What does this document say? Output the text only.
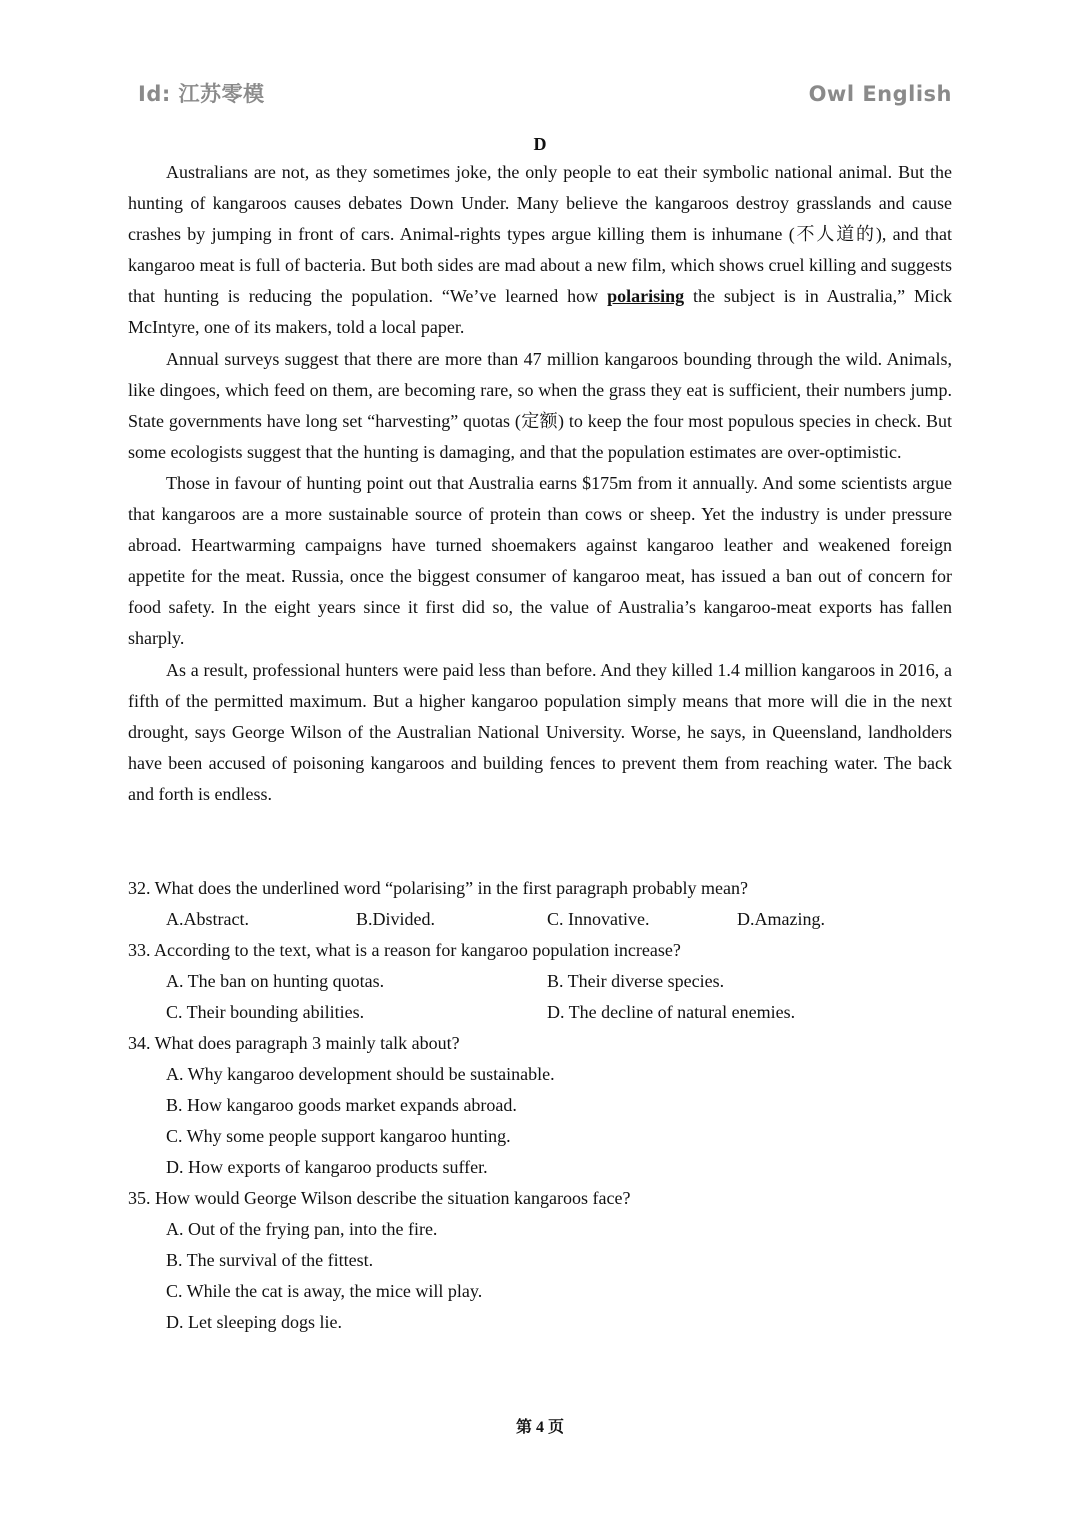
Id: 江苏零模	Owl English
D

Australians are not, as they sometimes joke, the only people to eat their symbolic national animal. But the hunting of kangaroos causes debates Down Under. Many believe the kangaroos destroy grasslands and cause crashes by jumping in front of cars. Animal-rights types argue killing them is inhumane (不人道的), and that kangaroo meat is full of bacteria. But both sides are mad about a new film, which shows cruel killing and suggests that hunting is reducing the population. “We’ve learned how polarising the subject is in Australia,” Mick McIntyre, one of its makers, told a local paper.

Annual surveys suggest that there are more than 47 million kangaroos bounding through the wild. Animals, like dingoes, which feed on them, are becoming rare, so when the grass they eat is sufficient, their numbers jump. State governments have long set “harvesting” quotas (定额) to keep the four most populous species in check. But some ecologists suggest that the hunting is damaging, and that the population estimates are over-optimistic.

Those in favour of hunting point out that Australia earns $175m from it annually. And some scientists argue that kangaroos are a more sustainable source of protein than cows or sheep. Yet the industry is under pressure abroad. Heartwarming campaigns have turned shoemakers against kangaroo leather and weakened foreign appetite for the meat. Russia, once the biggest consumer of kangaroo meat, has issued a ban out of concern for food safety. In the eight years since it first did so, the value of Australia’s kangaroo-meat exports has fallen sharply.

As a result, professional hunters were paid less than before. And they killed 1.4 million kangaroos in 2016, a fifth of the permitted maximum. But a higher kangaroo population simply means that more will die in the next drought, says George Wilson of the Australian National University. Worse, he says, in Queensland, landholders have been accused of poisoning kangaroos and building fences to prevent them from reaching water. The back and forth is endless.

32. What does the underlined word “polarising” in the first paragraph probably mean?
A.Abstract.	B.Divided.	C. Innovative.	D.Amazing.
33. According to the text, what is a reason for kangaroo population increase?
A. The ban on hunting quotas.	B. Their diverse species.
C. Their bounding abilities.	D. The decline of natural enemies.
34. What does paragraph 3 mainly talk about?
A. Why kangaroo development should be sustainable.
B. How kangaroo goods market expands abroad.
C. Why some people support kangaroo hunting.
D. How exports of kangaroo products suffer.
35. How would George Wilson describe the situation kangaroos face?
A. Out of the frying pan, into the fire.
B. The survival of the fittest.
C. While the cat is away, the mice will play.
D. Let sleeping dogs lie.
第 4 页
